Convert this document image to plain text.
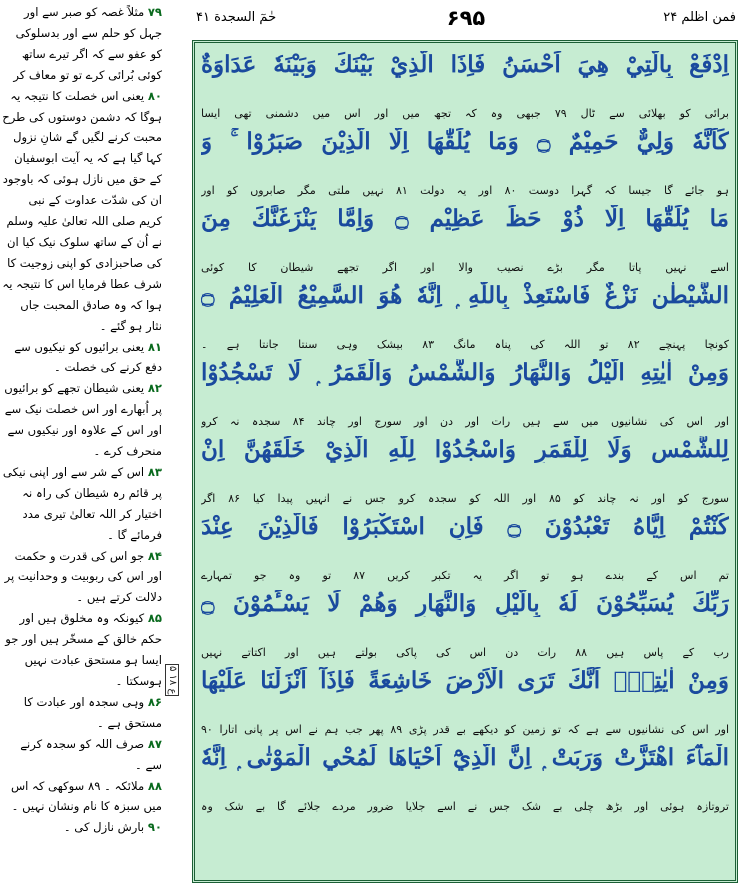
فمن اظلم ۲۴
۶۹۵
حٰمٓ السجدة ۴۱
۷۹ مثلاً غصہ کو صبر سے اور جہل کو حلم سے اور بدسلوکی کو عفو سے کہ اگر تیرے ساتھ کوئی بُرائی کرے تو تو معاف کر
۸۰ یعنی اس خصلت کا نتیجہ یہ ہوگا کہ دشمن دوستوں کی طرح محبت کرنے لگیں گے شانِ نزول کہا گیا ہے کہ یہ آیت ابوسفیان کے حق میں نازل ہوئی کہ باوجود ان کی شدّت عداوت کے نبی کریم صلی اللہ تعالیٰ علیہ وسلم نے اُن کے ساتھ سلوک نیک کیا ان کی صاحبزادی کو اپنی زوجیت کا شرف عطا فرمایا اس کا نتیجہ یہ ہوا کہ وہ صادق المحبت جاں نثار ہو گئے ۔
۸۱ یعنی برائیوں کو نیکیوں سے دفع کرنے کی خصلت ۔
۸۲ یعنی شیطان تجھے کو برائیوں پر اُبھارے اور اس خصلت نیک سے اور اس کے علاوہ اور نیکیوں سے منحرف کرے ۔
۸۳ اس کے شر سے اور اپنی نیکی پر قائم رہ شیطان کی راہ نہ اختیار کر اللہ تعالیٰ تیری مدد فرمائے گا ۔
۸۴ جو اس کی قدرت و حکمت اور اس کی ربوبیت و وحدانیت پر دلالت کرتے ہیں ۔
۸۵ کیونکہ وہ مخلوق ہیں اور حکم خالق کے مسخّر ہیں اور جو ایسا ہو مستحق عبادت نہیں ہوسکتا ۔
۸۶ وہی سجدہ اور عبادت کا مستحق ہے ۔
۸۷ صرف اللہ کو سجدہ کرنے سے ۔
۸۸ ملائکہ ۔ ۸۹ سوکھی کہ اس میں سبزہ کا نام ونشان نہیں ۔
۹۰ بارش نازل کی ۔
ع ۱۸ ۵
اِدْفَعْ بِالَّتِيْ هِيَ اَحْسَنُ فَاِذَا الَّذِيْ بَيْنَكَ وَبَيْنَهٗ عَدَاوَةٌ
برائی کو بھلائی سے ٹال ۷۹ جبھی وہ کہ تجھ میں اور اس میں دشمنی تھی ایسا
كَاَنَّهٗ وَلِيٌّ حَمِيْمٌ ۝ وَمَا يُلَقّٰهَا اِلَّا الَّذِيْنَ صَبَرُوْا ۚ وَ
ہو جائے گا جیسا کہ گہرا دوست ۸۰ اور یہ دولت ۸۱ نہیں ملتی مگر صابروں کو اور
مَا يُلَقّٰهَا اِلَّا ذُوْ حَظٍّ عَظِيْمٍ ۝ وَاِمَّا يَنْزَغَنَّكَ مِنَ
اسے نہیں پاتا مگر بڑے نصیب والا اور اگر تجھے شیطان کا کوئی
الشَّيْطٰنِ نَزْغٌ فَاسْتَعِذْ بِاللّٰهِ ۭ اِنَّهٗ هُوَ السَّمِيْعُ الْعَلِيْمُ ۝
کونچا پہنچے ۸۲ تو اللہ کی پناہ مانگ ۸۳ بیشک وہی سنتا جانتا ہے ۔
وَمِنْ اٰيٰتِهِ الَّيْلُ وَالنَّهَارُ وَالشَّمْسُ وَالْقَمَرُ ۭ لَا تَسْجُدُوْا
اور اس کی نشانیوں میں سے ہیں رات اور دن اور سورج اور چاند ۸۴ سجدہ نہ کرو
لِلشَّمْسِ وَلَا لِلْقَمَرِ وَاسْجُدُوْا لِلّٰهِ الَّذِيْ خَلَقَهُنَّ اِنْ
سورج کو اور نہ چاند کو ۸۵ اور اللہ کو سجدہ کرو جس نے انہیں پیدا کیا ۸۶ اگر
كُنْتُمْ اِيَّاهُ تَعْبُدُوْنَ ۝ فَاِنِ اسْتَكْبَرُوْا فَالَّذِيْنَ عِنْدَ
تم اس کے بندے ہو تو اگر یہ تکبر کریں ۸۷ تو وہ جو تمہارے
رَبِّكَ يُسَبِّحُوْنَ لَهٗ بِالَّيْلِ وَالنَّهَارِ وَهُمْ لَا يَسْـَٔمُوْنَ ۝
رب کے پاس ہیں ۸۸ رات دن اس کی پاکی بولتے ہیں اور اکتاتے نہیں
وَمِنْ اٰيٰتِهٖٓ اَنَّكَ تَرَى الْاَرْضَ خَاشِعَةً فَاِذَآ اَنْزَلْنَا عَلَيْهَا
اور اس کی نشانیوں سے ہے کہ تو زمین کو دیکھے بے قدر پڑی ۸۹ پھر جب ہم نے اس پر پانی اتارا ۹۰
الْمَاۗءَ اهْتَزَّتْ وَرَبَتْ ۭ اِنَّ الَّذِيْٓ اَحْيَاهَا لَمُحْيِ الْمَوْتٰى ۭ اِنَّهٗ
تروتازہ ہوئی اور بڑھ چلی بے شک جس نے اسے جلایا ضرور مردے جلائے گا بے شک وہ
